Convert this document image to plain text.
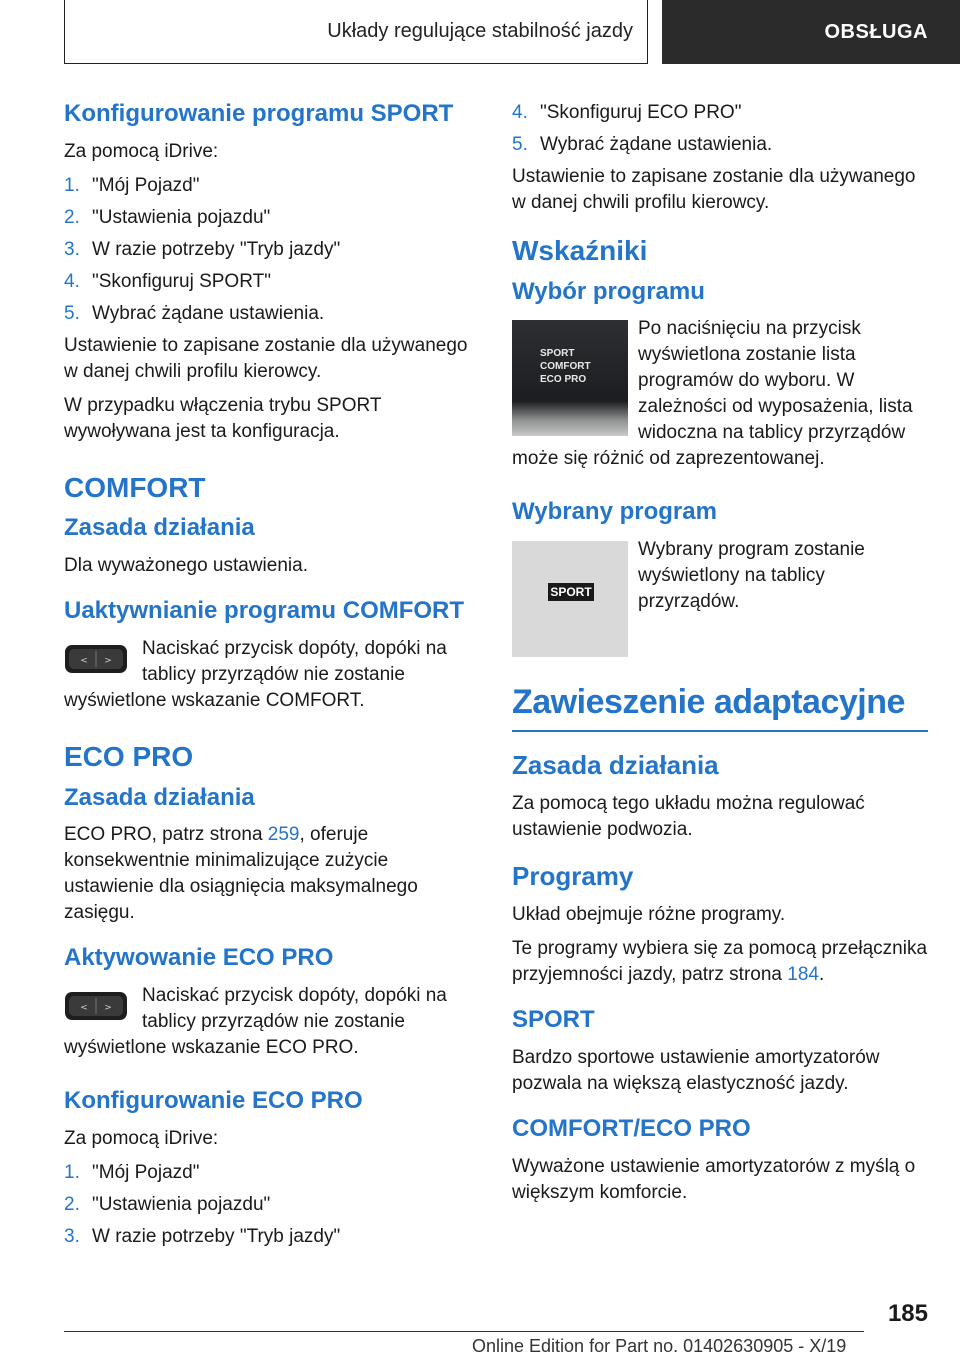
Układy regulujące stabilność jazdy	OBSŁUGA
Konfigurowanie programu SPORT

Za pomocą iDrive:

1. "Mój Pojazd"
2. "Ustawienia pojazdu"
3. W razie potrzeby "Tryb jazdy"
4. "Skonfiguruj SPORT"
5. Wybrać żądane ustawienia.

Ustawienie to zapisane zostanie dla używanego w danej chwili profilu kierowcy.

W przypadku włączenia trybu SPORT wywoływana jest ta konfiguracja.

COMFORT
Zasada działania

Dla wyważonego ustawienia.

Uaktywnianie programu COMFORT
< >

Naciskać przycisk dopóty, dopóki na tablicy przyrządów nie zostanie wyświetlone wskazanie COMFORT.

ECO PRO
Zasada działania

ECO PRO, patrz strona 259, oferuje konsekwentnie minimalizujące zużycie ustawienie dla osiągnięcia maksymalnego zasięgu.

Aktywowanie ECO PRO
< >

Naciskać przycisk dopóty, dopóki na tablicy przyrządów nie zostanie wyświetlone wskazanie ECO PRO.

Konfigurowanie ECO PRO

Za pomocą iDrive:

1. "Mój Pojazd"
2. "Ustawienia pojazdu"
3. W razie potrzeby "Tryb jazdy"
4. "Skonfiguruj ECO PRO"
5. Wybrać żądane ustawienia.

Ustawienie to zapisane zostanie dla używanego w danej chwili profilu kierowcy.

Wskaźniki
Wybór programu
SPORT
COMFORT
ECO PRO

Po naciśnięciu na przycisk wyświetlona zostanie lista programów do wyboru. W zależności od wyposażenia, lista widoczna na tablicy przyrządów może się różnić od zaprezentowanej.

Wybrany program
SPORT

Wybrany program zostanie wyświetlony na tablicy przyrządów.

Zawieszenie adaptacyjne
Zasada działania

Za pomocą tego układu można regulować ustawienie podwozia.

Programy

Układ obejmuje różne programy.

Te programy wybiera się za pomocą przełącznika przyjemności jazdy, patrz strona 184.

SPORT

Bardzo sportowe ustawienie amortyzatorów pozwala na większą elastyczność jazdy.

COMFORT/ECO PRO

Wyważone ustawienie amortyzatorów z myślą o większym komforcie.

185
Online Edition for Part no. 01402630905 - X/19
